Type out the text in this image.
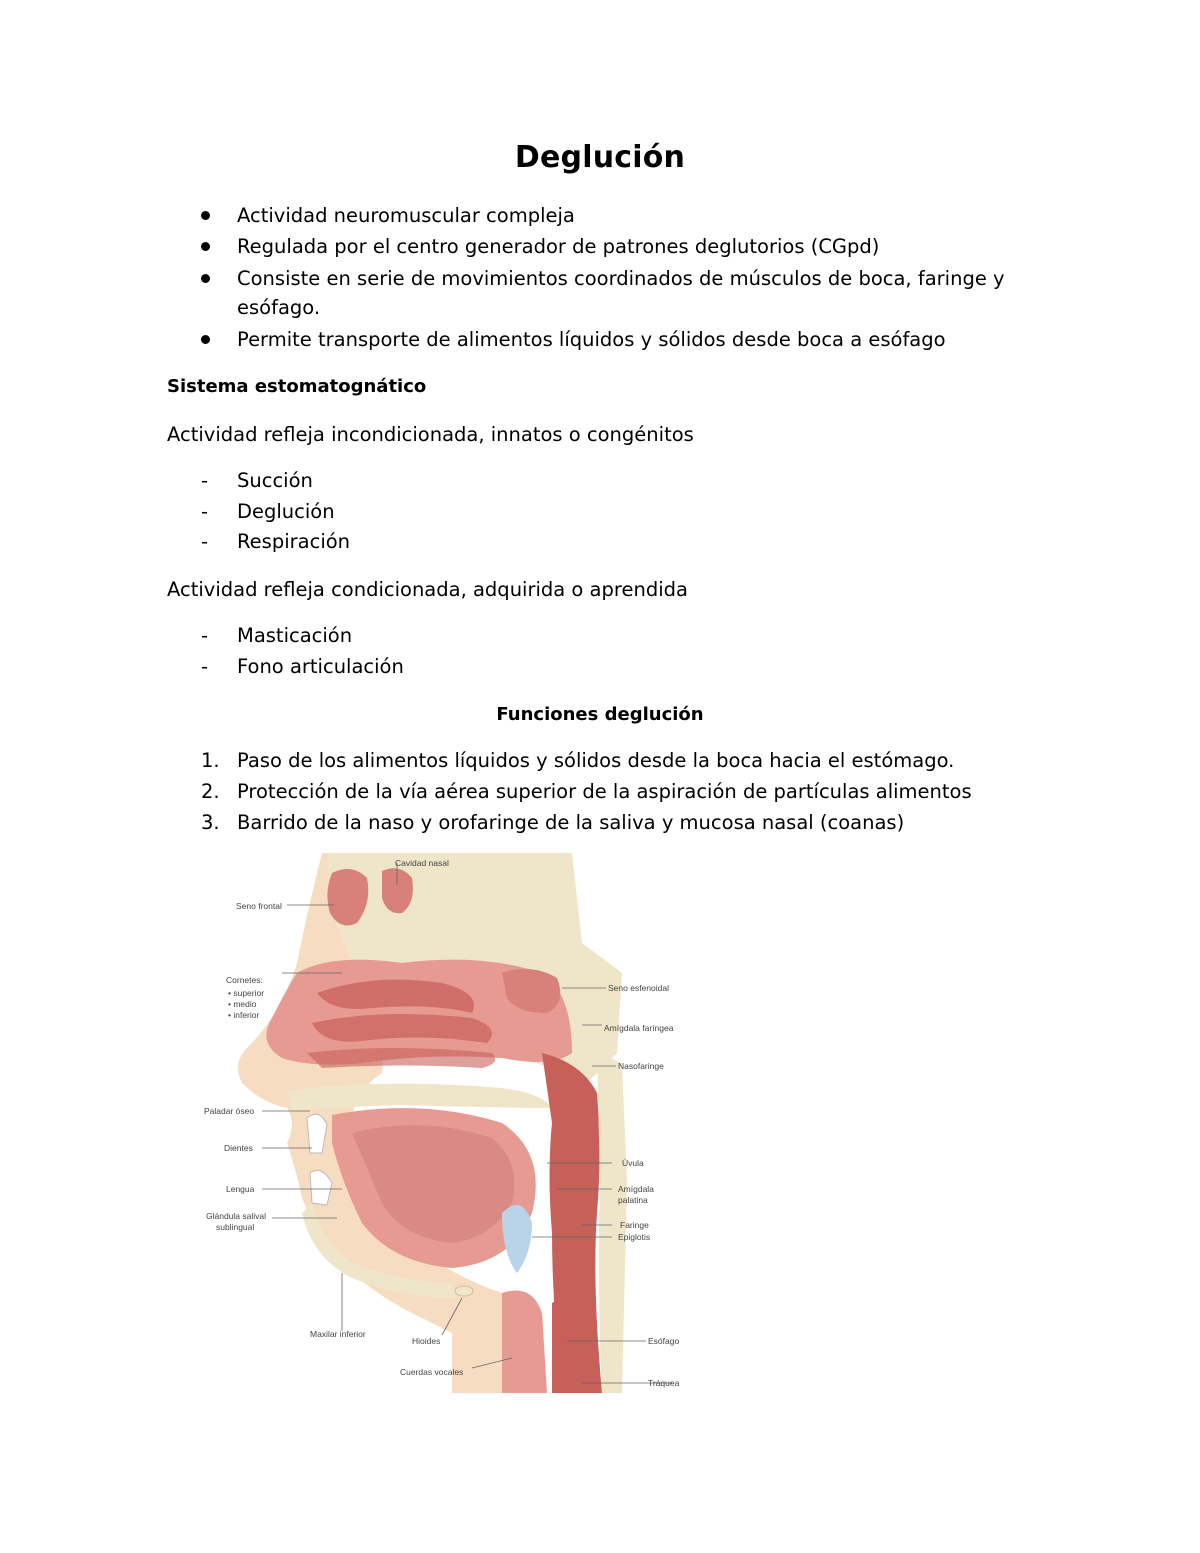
Deglución
Actividad neuromuscular compleja
Regulada por el centro generador de patrones deglutorios (CGpd)
Consiste en serie de movimientos coordinados de músculos de boca, faringe y
esófago.
Permite transporte de alimentos líquidos y sólidos desde boca a esófago
Sistema estomatognático
Actividad refleja incondicionada, innatos o congénitos
- Succión
- Deglución
- Respiración
Actividad refleja condicionada, adquirida o aprendida
- Masticación
- Fono articulación
Funciones deglución
1. Paso de los alimentos líquidos y sólidos desde la boca hacia el estómago.
2. Protección de la vía aérea superior de la aspiración de partículas alimentos
3. Barrido de la naso y orofaringe de la saliva y mucosa nasal (coanas)
Cavidad nasal
Seno frontal
Cornetes:
• superior
• medio
• inferior
Seno esfenoidal
Amígdala faríngea
Nasofaringe
Paladar óseo
Dientes
Lengua
Glándula salival
sublingual
Úvula
Amígdala
palatina
Faringe
Epiglotis
Maxilar inferior
Hioides	Esófago
Cuerdas vocales
Tráquea
